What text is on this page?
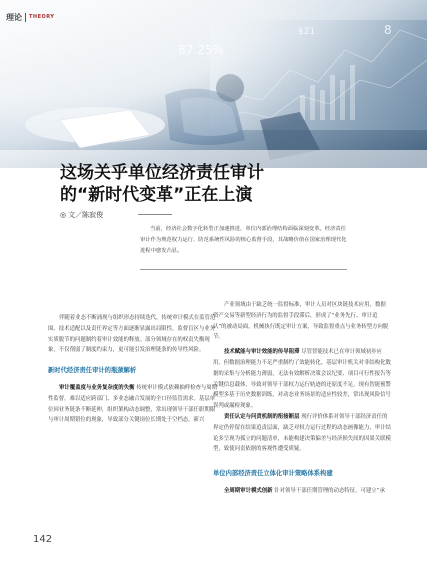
87.25%
$21	8
理论 THEORY
这场关乎单位经济责任审计
的“新时代变革”正在上演
◎ 文／陈寂俊

当前，经济社会数字化转型正加速推进，单位内部治理结构面临深刻变革。经济责任审计作为规范权力运行、防范系统性风险的核心监督手段，其战略价值在国家治理现代化进程中愈发凸显。

伴随着业态不断涌现与组织形态持续迭代，传统审计模式在监管范围、技术适配以及责任界定等方面逐渐显露出局限性，监督盲区与业务实质脱节的问题制约着审计效能的释放。部分领域存在的权责失衡现象，不仅削弱了制度约束力，更可能引发治理链条的传导性风险。

新时代经济责任审计的瓶颈解析

审计覆盖度与业务复杂度的失衡 传统审计模式依赖抽样检查与周期性监督，难以适应跨部门、多业态融合发展的全口径监管需求。基层单位因业务链条不断延伸，组织架构动态调整，常出现领导干部任职期限与审计周期错位的现象，导致部分关键岗位长期处于空档态。新兴

产业领域由于缺乏统一监督标准，审计人员对区块链技术应用、数据资产交易等新型经济行为的监督手段滞后，形成了“业务先行、审计追认”的被动局面，机械执行既定审计方案，导致监督重点与业务转型方向脱节。

技术赋能与审计效能的传导阻滞 尽管智能技术已在审计领域初步应用，但数据治理能力不足严重制约了效能转化。基层审计机关对非结构化数据的采集与分析能力薄弱，无法有效解析决策会议纪要、项目可行性报告等关键信息载体，导致对领导干部权力运行轨迹的还原度不足。现有智能预警模型多基于历史数据训练，对动态业务场景的适应性较差，常出现风险信号误判或漏检现象。

责任认定与问责机制的衔接断层 现行评价体系对领导干部经济责任的界定仍停留在结果追责层面，缺乏对权力运行过程的动态画像能力，审计结论多呈现为孤立的问题清单，未能构建决策偏差与经济损失间的因果关联模型，致使问责依据的客观性遭受质疑。

单位内部经济责任立体化审计策略体系构建

全周期审计模式创新 针对领导干部任期管理的动态特征，可建立“承

142
